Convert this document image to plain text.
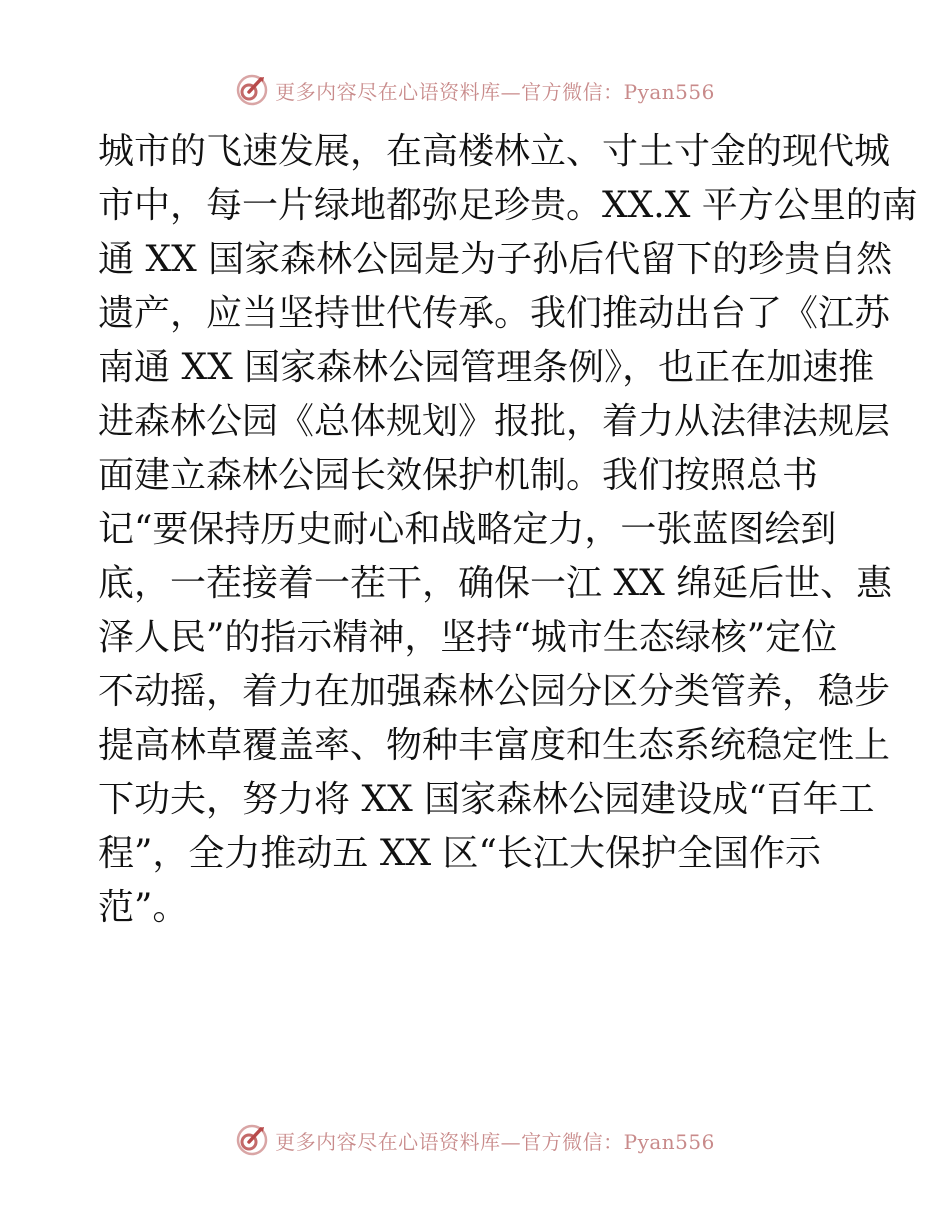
更多内容尽在心语资料库—官方微信：Pyan556
城市的飞速发展，在高楼林立、寸土寸金的现代城
市中，每一片绿地都弥足珍贵。XX.X 平方公里的南
通 XX 国家森林公园是为子孙后代留下的珍贵自然
遗产，应当坚持世代传承。我们推动出台了《江苏
南通 XX 国家森林公园管理条例》，也正在加速推
进森林公园《总体规划》报批，着力从法律法规层
面建立森林公园长效保护机制。我们按照总书
记“要保持历史耐心和战略定力，一张蓝图绘到
底，一茬接着一茬干，确保一江 XX 绵延后世、惠
泽人民”的指示精神，坚持“城市生态绿核”定位
不动摇，着力在加强森林公园分区分类管养，稳步
提高林草覆盖率、物种丰富度和生态系统稳定性上
下功夫，努力将 XX 国家森林公园建设成“百年工
程”，全力推动五 XX 区“长江大保护全国作示
范”。
更多内容尽在心语资料库—官方微信：Pyan556
